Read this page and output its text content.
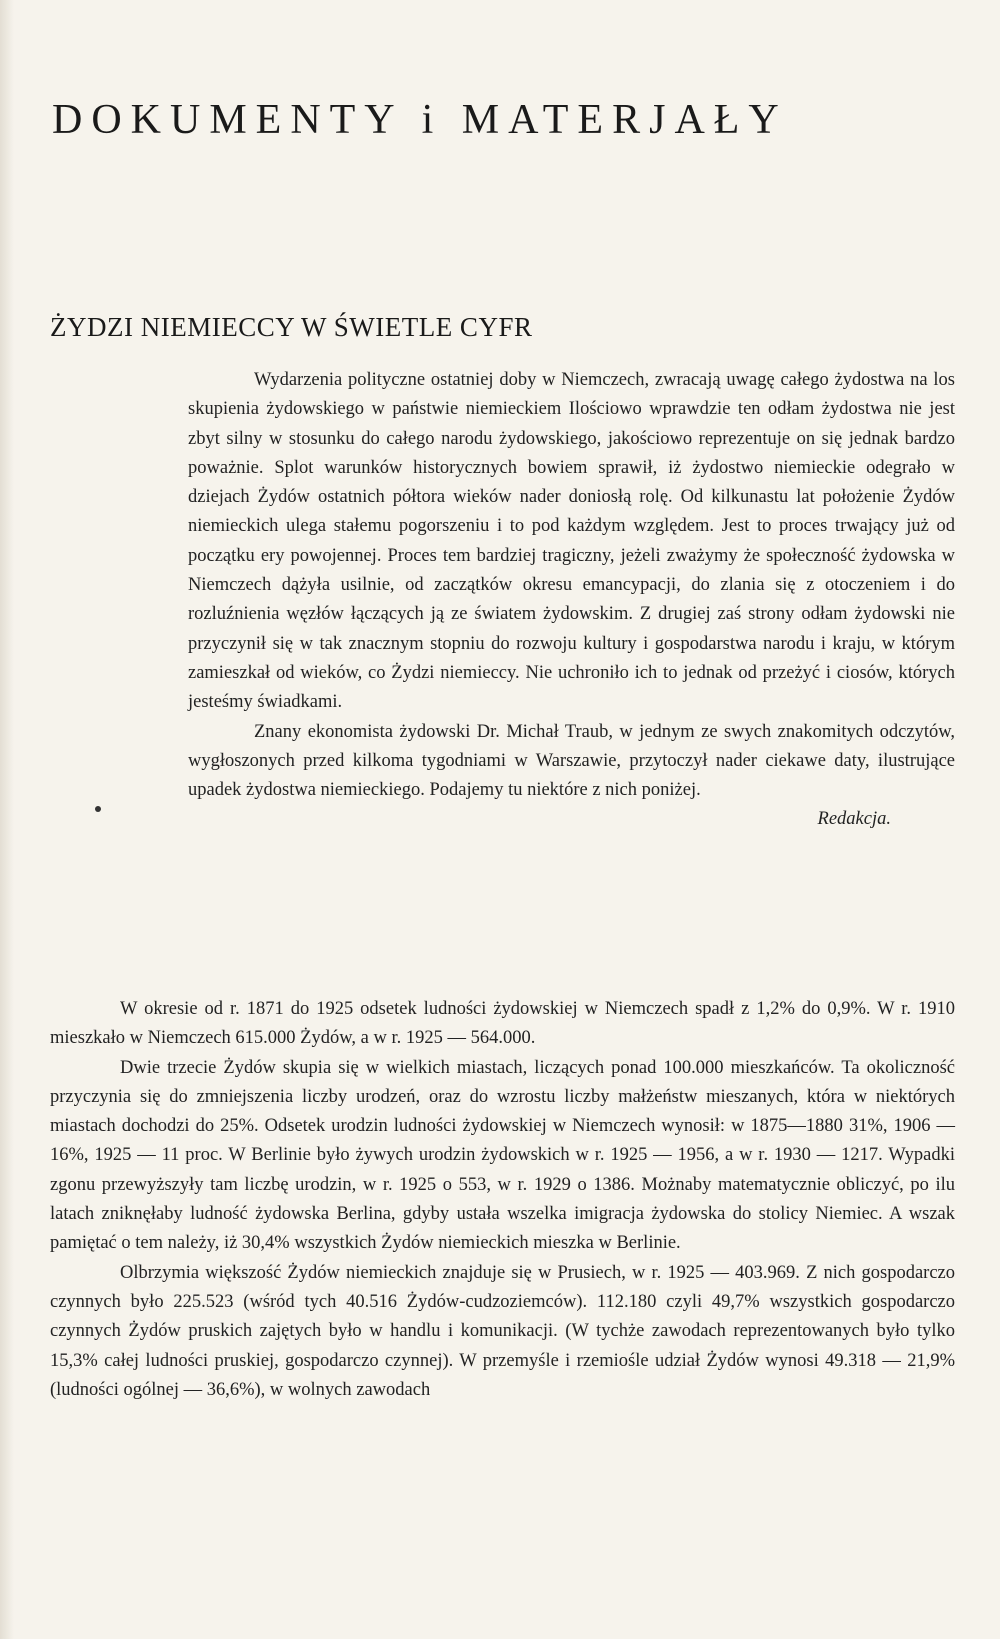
DOKUMENTY i MATERJAŁY
ŻYDZI NIEMIECCY W ŚWIETLE CYFR

Wydarzenia polityczne ostatniej doby w Niemczech, zwracają uwagę całego żydostwa na los skupienia żydowskiego w państwie niemieckiem Ilościowo wprawdzie ten odłam żydostwa nie jest zbyt silny w stosunku do całego narodu żydowskiego, jakościowo reprezentuje on się jednak bardzo poważnie. Splot warunków historycznych bowiem sprawił, iż żydostwo niemieckie odegrało w dziejach Żydów ostatnich półtora wieków nader doniosłą rolę. Od kilkunastu lat położenie Żydów niemieckich ulega stałemu pogorszeniu i to pod każdym względem. Jest to proces trwający już od początku ery powojennej. Proces tem bardziej tragiczny, jeżeli zważymy że społeczność żydowska w Niemczech dążyła usilnie, od zaczątków okresu emancypacji, do zlania się z otoczeniem i do rozluźnienia węzłów łączących ją ze światem żydowskim. Z drugiej zaś strony odłam żydowski nie przyczynił się w tak znacznym stopniu do rozwoju kultury i gospodarstwa narodu i kraju, w którym zamieszkał od wieków, co Żydzi niemieccy. Nie uchroniło ich to jednak od przeżyć i ciosów, których jesteśmy świadkami.

Znany ekonomista żydowski Dr. Michał Traub, w jednym ze swych znakomitych odczytów, wygłoszonych przed kilkoma tygodniami w Warszawie, przytoczył nader ciekawe daty, ilustrujące upadek żydostwa niemieckiego. Podajemy tu niektóre z nich poniżej.

Redakcja.

W okresie od r. 1871 do 1925 odsetek ludności żydowskiej w Niemczech spadł z 1,2% do 0,9%. W r. 1910 mieszkało w Niemczech 615.000 Żydów, a w r. 1925 — 564.000.

Dwie trzecie Żydów skupia się w wielkich miastach, liczących ponad 100.000 mieszkańców. Ta okoliczność przyczynia się do zmniejszenia liczby urodzeń, oraz do wzrostu liczby małżeństw mieszanych, która w niektórych miastach dochodzi do 25%. Odsetek urodzin ludności żydowskiej w Niemczech wynosił: w 1875—1880 31%, 1906 — 16%, 1925 — 11 proc. W Berlinie było żywych urodzin żydowskich w r. 1925 — 1956, a w r. 1930 — 1217. Wypadki zgonu przewyższyły tam liczbę urodzin, w r. 1925 o 553, w r. 1929 o 1386. Możnaby matematycznie obliczyć, po ilu latach zniknęłaby ludność żydowska Berlina, gdyby ustała wszelka imigracja żydowska do stolicy Niemiec. A wszak pamiętać o tem należy, iż 30,4% wszystkich Żydów niemieckich mieszka w Berlinie.

Olbrzymia większość Żydów niemieckich znajduje się w Prusiech, w r. 1925 — 403.969. Z nich gospodarczo czynnych było 225.523 (wśród tych 40.516 Żydów-cudzoziemców). 112.180 czyli 49,7% wszystkich gospodarczo czynnych Żydów pruskich zajętych było w handlu i komunikacji. (W tychże zawodach reprezentowanych było tylko 15,3% całej ludności pruskiej, gospodarczo czynnej). W przemyśle i rzemiośle udział Żydów wynosi 49.318 — 21,9% (ludności ogólnej — 36,6%), w wolnych zawodach
